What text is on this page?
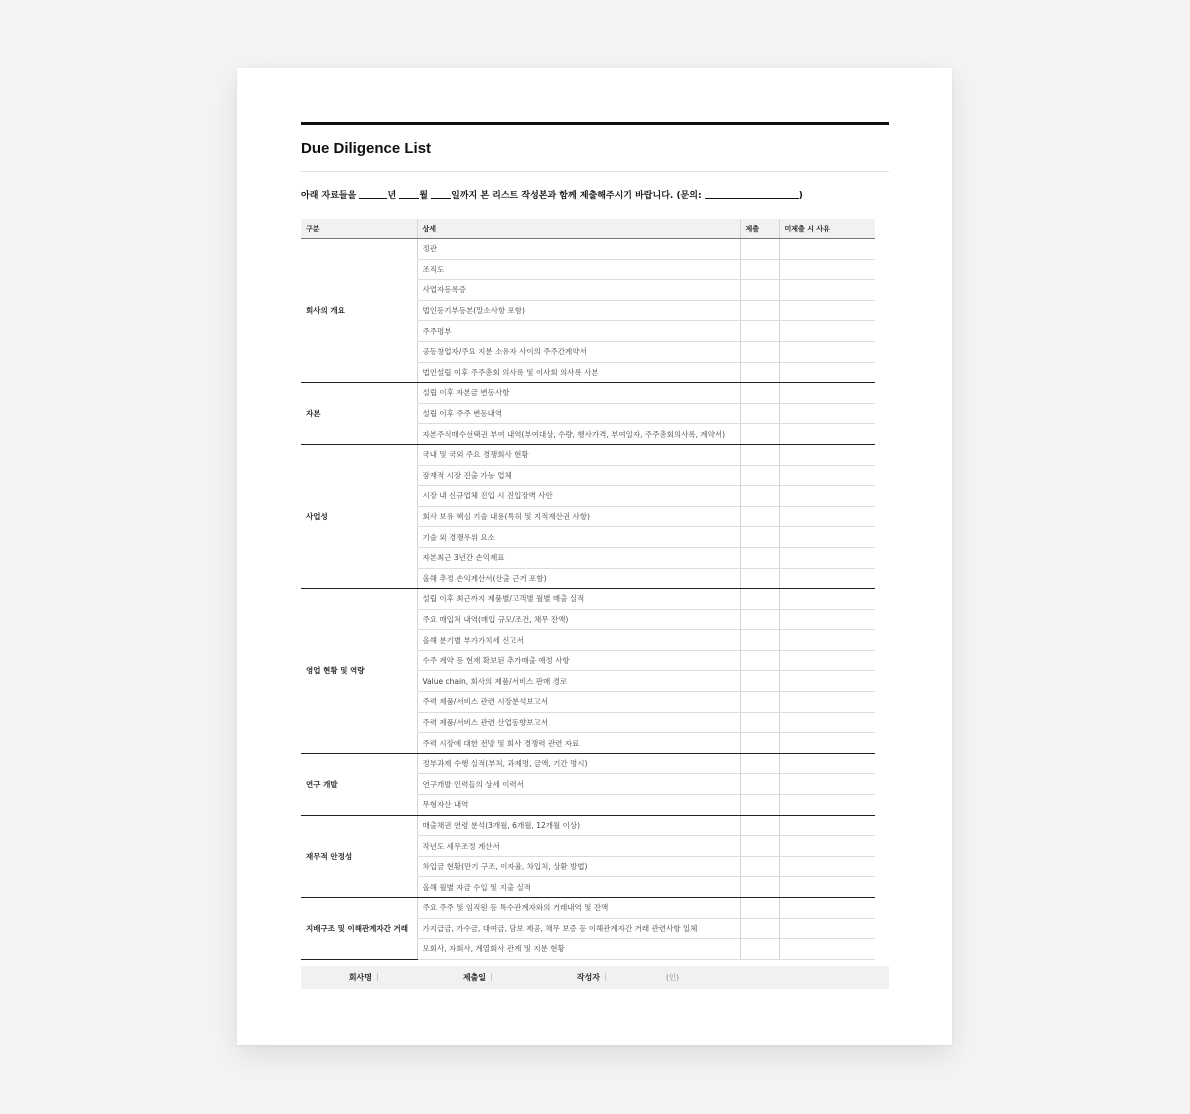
Due Diligence List
아래 자료들을	년	월	일까지 본 리스트 작성본과 함께 제출해주시기 바랍니다. (문의:	)
구분	상세	제출	미제출 시 사유
회사의 개요	정관		
	조직도		
	사업자등록증		
	법인등기부등본(말소사항 포함)		
	주주명부		
	공동창업자/주요 지분 소유자 사이의 주주간계약서		
	법인설립 이후 주주총회 의사록 및 이사회 의사록 사본		
자본	설립 이후 자본금 변동사항		
	설립 이후 주주 변동내역		
	자본주식매수선택권 부여 내역(부여대상, 수량, 행사가격, 부여일자, 주주총회의사록, 계약서)		
사업성	국내 및 국외 주요 경쟁회사 현황		
	잠재적 시장 진출 가능 업체		
	시장 내 신규업체 진입 시 진입장벽 사안		
	회사 보유 핵심 기술 내용(특허 및 지적재산권 사항)		
	기술 외 경쟁우위 요소		
	자본최근 3년간 손익제표		
	올해 추정 손익계산서(산출 근거 포함)		
영업 현황 및 역량	설립 이후 최근까지 제품별/고객별 월별 매출 실적		
	주요 매입처 내역(매입 규모/조건, 채무 잔액)		
	올해 분기별 부가가치세 신고서		
	수주 계약 등 현재 확보된 추가매출 예정 사항		
	Value chain, 회사의 제품/서비스 판매 경로		
	주력 제품/서비스 관련 시장분석보고서		
	주력 제품/서비스 관련 산업동향보고서		
	주력 시장에 대한 전망 및 회사 경쟁력 관련 자료		
연구 개발	정부과제 수행 실적(부처, 과제명, 금액, 기간 명시)		
	연구개발 인력들의 상세 이력서		
	무형자산 내역		
재무적 안정성	매출채권 연령 분석(3개월, 6개월, 12개월 이상)		
	작년도 세무조정 계산서		
	차입금 현황(만기 구조, 이자율, 차입처, 상환 방법)		
	올해 월별 자금 수입 및 지출 실적		
지배구조 및 이해관계자간 거래	주요 주주 및 임직원 등 특수관계자와의 거래내역 및 잔액		
	가지급금, 가수금, 대여금, 담보 제공, 채무 보증 등 이해관계자간 거래 관련사항 일체		
	모회사, 자회사, 계열회사 관계 및 지분 현황		
회사명	제출일	작성자	(인)
